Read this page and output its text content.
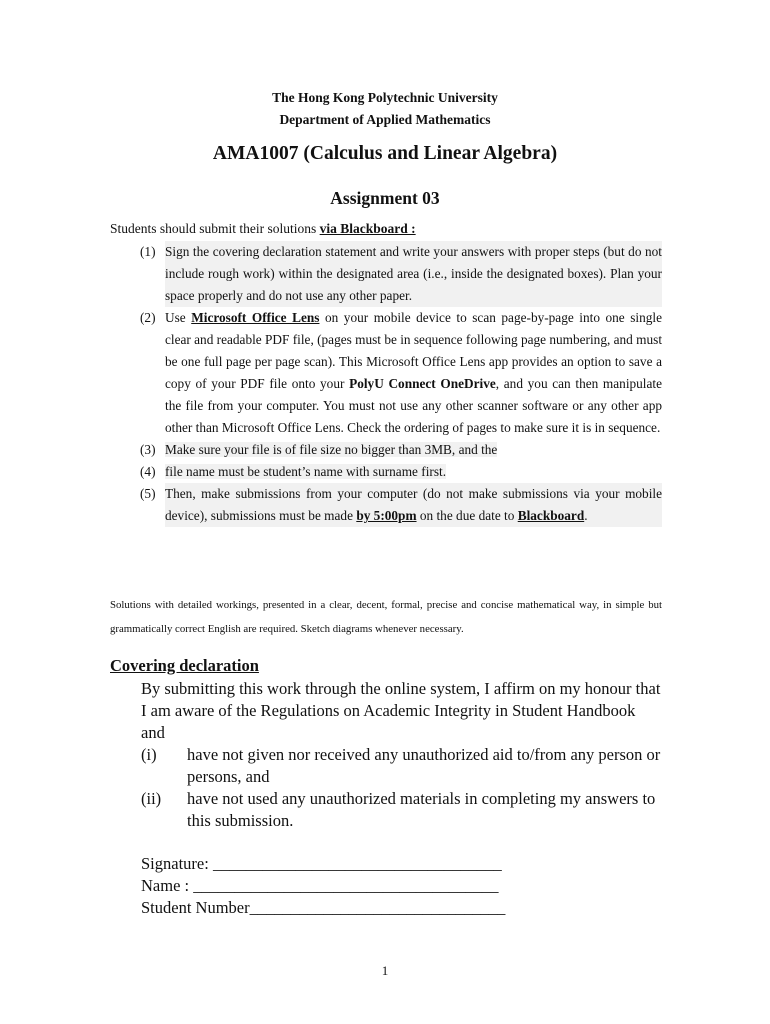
The Hong Kong Polytechnic University
Department of Applied Mathematics
AMA1007 (Calculus and Linear Algebra)
Assignment 03
Students should submit their solutions via Blackboard :
(1) Sign the covering declaration statement and write your answers with proper steps (but do not include rough work) within the designated area (i.e., inside the designated boxes). Plan your space properly and do not use any other paper.
(2) Use Microsoft Office Lens on your mobile device to scan page-by-page into one single clear and readable PDF file, (pages must be in sequence following page numbering, and must be one full page per page scan). This Microsoft Office Lens app provides an option to save a copy of your PDF file onto your PolyU Connect OneDrive, and you can then manipulate the file from your computer. You must not use any other scanner software or any other app other than Microsoft Office Lens. Check the ordering of pages to make sure it is in sequence.
(3) Make sure your file is of file size no bigger than 3MB, and the
(4) file name must be student’s name with surname first.
(5) Then, make submissions from your computer (do not make submissions via your mobile device), submissions must be made by 5:00pm on the due date to Blackboard.
Solutions with detailed workings, presented in a clear, decent, formal, precise and concise mathematical way, in simple but grammatically correct English are required. Sketch diagrams whenever necessary.
Covering declaration
By submitting this work through the online system, I affirm on my honour that I am aware of the Regulations on Academic Integrity in Student Handbook and
(i) have not given nor received any unauthorized aid to/from any person or persons, and
(ii) have not used any unauthorized materials in completing my answers to this submission.
Signature: ___________________________________
Name : _____________________________________
Student Number_______________________________
1
